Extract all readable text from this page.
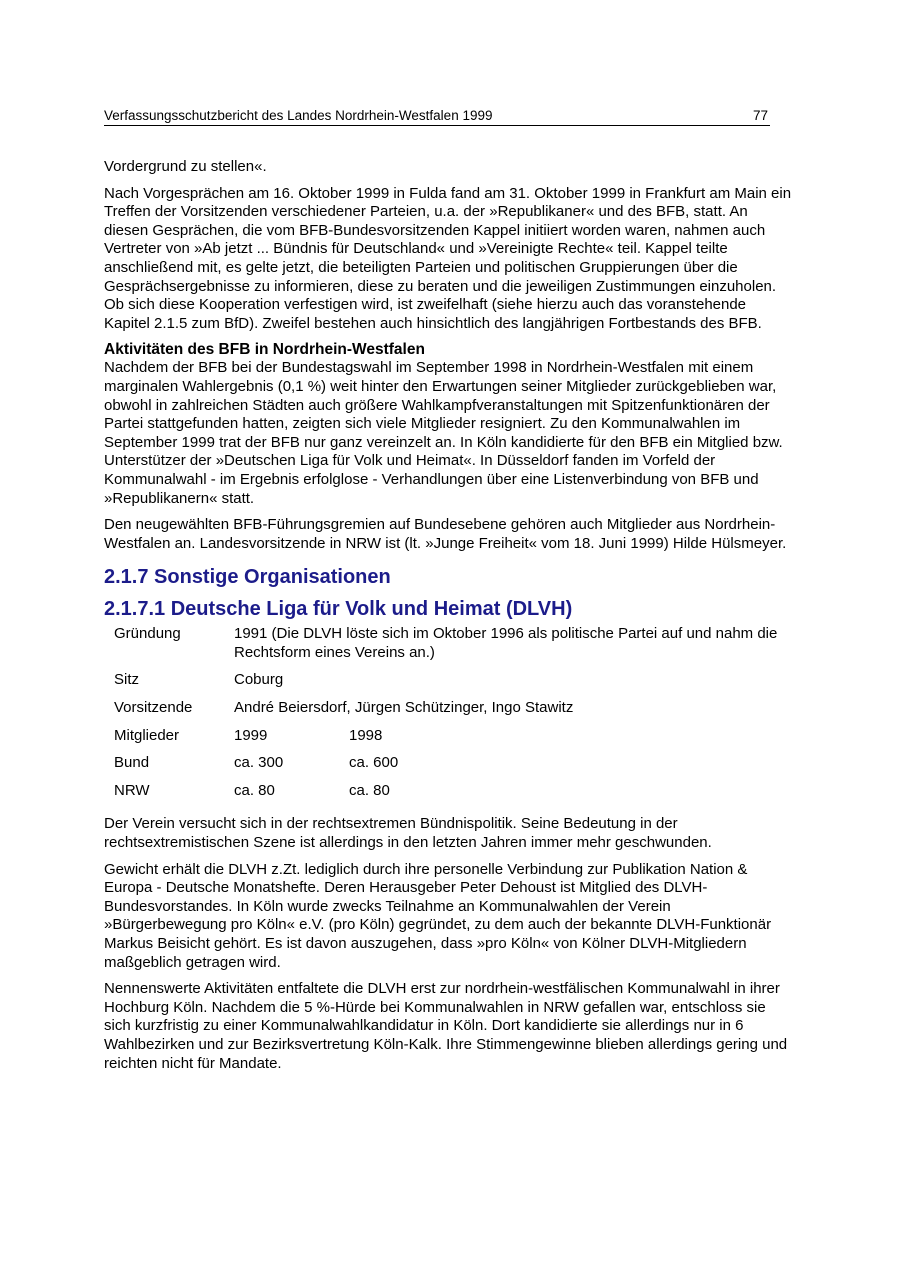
Verfassungsschutzbericht des Landes Nordrhein-Westfalen 1999	77

Vordergrund zu stellen«.

Nach Vorgesprächen am 16. Oktober 1999 in Fulda fand am 31. Oktober 1999 in Frankfurt am Main ein Treffen der Vorsitzenden verschiedener Parteien, u.a. der »Republikaner« und des BFB, statt. An diesen Gesprächen, die vom BFB-Bundesvorsitzenden Kappel initiiert worden waren, nahmen auch Vertreter von »Ab jetzt ... Bündnis für Deutschland« und »Vereinigte Rechte« teil. Kappel teilte anschließend mit, es gelte jetzt, die beteiligten Parteien und politischen Gruppierungen über die Gesprächsergebnisse zu informieren, diese zu beraten und die jeweiligen Zustimmungen einzuholen. Ob sich diese Kooperation verfestigen wird, ist zweifelhaft (siehe hierzu auch das voranstehende Kapitel 2.1.5 zum BfD). Zweifel bestehen auch hinsichtlich des langjährigen Fortbestands des BFB.

Aktivitäten des BFB in Nordrhein-Westfalen

Nachdem der BFB bei der Bundestagswahl im September 1998 in Nordrhein-Westfalen mit einem marginalen Wahlergebnis (0,1 %) weit hinter den Erwartungen seiner Mitglieder zurückgeblieben war, obwohl in zahlreichen Städten auch größere Wahlkampfveranstaltungen mit Spitzenfunktionären der Partei stattgefunden hatten, zeigten sich viele Mitglieder resigniert. Zu den Kommunalwahlen im September 1999 trat der BFB nur ganz vereinzelt an. In Köln kandidierte für den BFB ein Mitglied bzw. Unterstützer der »Deutschen Liga für Volk und Heimat«. In Düsseldorf fanden im Vorfeld der Kommunalwahl - im Ergebnis erfolglose - Verhandlungen über eine Listenverbindung von BFB und »Republikanern« statt.

Den neugewählten BFB-Führungsgremien auf Bundesebene gehören auch Mitglieder aus Nordrhein-Westfalen an. Landesvorsitzende in NRW ist (lt. »Junge Freiheit« vom 18. Juni 1999) Hilde Hülsmeyer.

2.1.7 Sonstige Organisationen
2.1.7.1 Deutsche Liga für Volk und Heimat (DLVH)
Gründung	1991 (Die DLVH löste sich im Oktober 1996 als politische Partei auf und nahm die Rechtsform eines Vereins an.)	
Sitz	Coburg	
Vorsitzende	André Beiersdorf, Jürgen Schützinger, Ingo Stawitz	
Mitglieder	1999	1998
Bund	ca. 300	ca. 600
NRW	ca. 80	ca. 80

Der Verein versucht sich in der rechtsextremen Bündnispolitik. Seine Bedeutung in der rechtsextremistischen Szene ist allerdings in den letzten Jahren immer mehr geschwunden.

Gewicht erhält die DLVH z.Zt. lediglich durch ihre personelle Verbindung zur Publikation Nation & Europa - Deutsche Monatshefte. Deren Herausgeber Peter Dehoust ist Mitglied des DLVH-Bundesvorstandes. In Köln wurde zwecks Teilnahme an Kommunalwahlen der Verein »Bürgerbewegung pro Köln« e.V. (pro Köln) gegründet, zu dem auch der bekannte DLVH-Funktionär Markus Beisicht gehört. Es ist davon auszugehen, dass »pro Köln« von Kölner DLVH-Mitgliedern maßgeblich getragen wird.

Nennenswerte Aktivitäten entfaltete die DLVH erst zur nordrhein-westfälischen Kommunalwahl in ihrer Hochburg Köln. Nachdem die 5 %-Hürde bei Kommunalwahlen in NRW gefallen war, entschloss sie sich kurzfristig zu einer Kommunalwahlkandidatur in Köln. Dort kandidierte sie allerdings nur in 6 Wahlbezirken und zur Bezirksvertretung Köln-Kalk. Ihre Stimmengewinne blieben allerdings gering und reichten nicht für Mandate.
